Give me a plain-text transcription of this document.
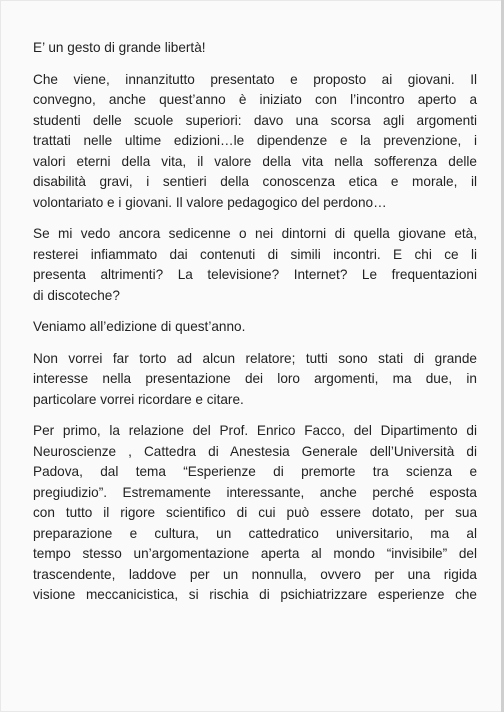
E’ un gesto di grande libertà!

Che viene, innanzitutto presentato e proposto ai giovani. Il
convegno, anche quest’anno è iniziato con l’incontro aperto a
studenti delle scuole superiori: davo una scorsa agli argomenti
trattati nelle ultime edizioni…le dipendenze e la prevenzione, i
valori eterni della vita, il valore della vita nella sofferenza delle
disabilità gravi, i sentieri della conoscenza etica e morale, il
volontariato e i giovani. Il valore pedagogico del perdono…

Se mi vedo ancora sedicenne o nei dintorni di quella giovane età,
resterei infiammato dai contenuti di simili incontri. E chi ce li
presenta altrimenti? La televisione? Internet? Le frequentazioni
di discoteche?

Veniamo all’edizione di quest’anno.

Non vorrei far torto ad alcun relatore; tutti sono stati di grande
interesse nella presentazione dei loro argomenti, ma due, in
particolare vorrei ricordare e citare.

Per primo, la relazione del Prof. Enrico Facco, del Dipartimento di
Neuroscienze , Cattedra di Anestesia Generale dell’Università di
Padova, dal tema “Esperienze di premorte tra scienza e
pregiudizio”. Estremamente interessante, anche perché esposta
con tutto il rigore scientifico di cui può essere dotato, per sua
preparazione e cultura, un cattedratico universitario, ma al
tempo stesso un’argomentazione aperta al mondo “invisibile” del
trascendente, laddove per un nonnulla, ovvero per una rigida
visione meccanicistica, si rischia di psichiatrizzare esperienze che
